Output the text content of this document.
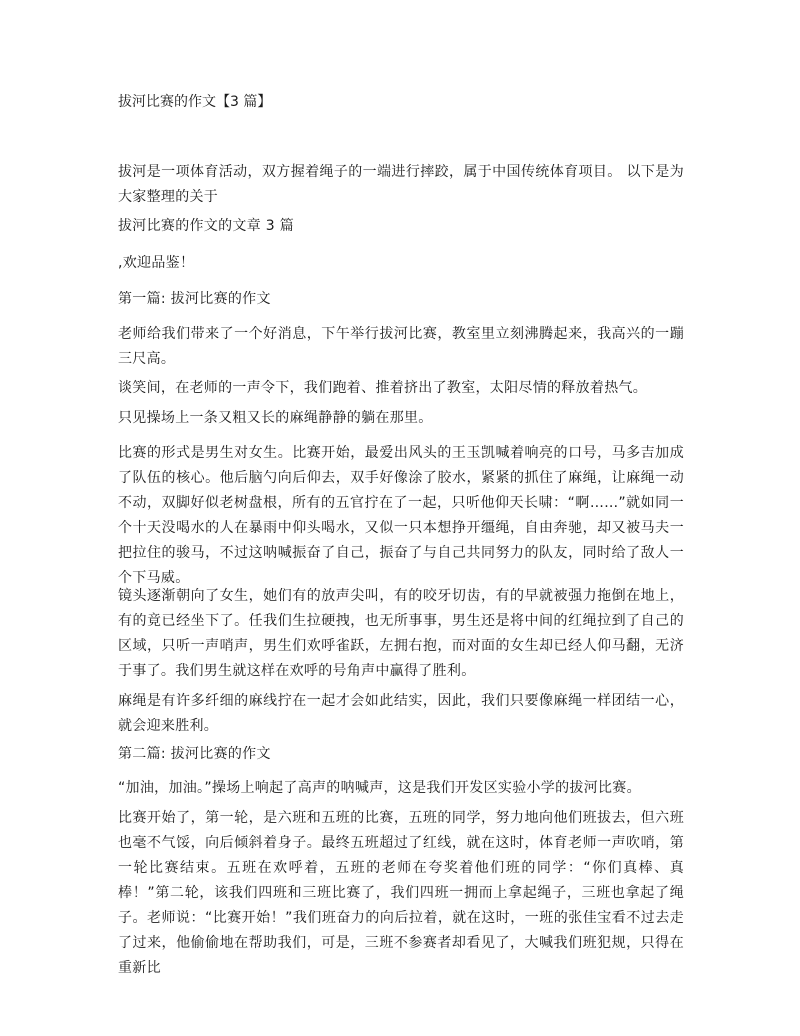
拔河比赛的作文【3 篇】

拔河是一项体育活动，双方握着绳子的一端进行摔跤，属于中国传统体育项目。 以下是为大家整理的关于

拔河比赛的作文的文章 3 篇

,欢迎品鉴！

第一篇: 拔河比赛的作文

老师给我们带来了一个好消息，下午举行拔河比赛，教室里立刻沸腾起来，我高兴的一蹦三尺高。

谈笑间，在老师的一声令下，我们跑着、推着挤出了教室，太阳尽情的释放着热气。

只见操场上一条又粗又长的麻绳静静的躺在那里。

比赛的形式是男生对女生。比赛开始，最爱出风头的王玉凯喊着响亮的口号，马多吉加成了队伍的核心。他后脑勺向后仰去，双手好像涂了胶水，紧紧的抓住了麻绳，让麻绳一动不动，双脚好似老树盘根，所有的五官拧在了一起，只听他仰天长啸：“啊……”就如同一个十天没喝水的人在暴雨中仰头喝水，又似一只本想挣开缰绳，自由奔驰，却又被马夫一把拉住的骏马，不过这呐喊振奋了自己，振奋了与自己共同努力的队友，同时给了敌人一个下马威。

镜头逐渐朝向了女生，她们有的放声尖叫，有的咬牙切齿，有的早就被强力拖倒在地上，有的竟已经坐下了。任我们生拉硬拽，也无所事事，男生还是将中间的红绳拉到了自己的区域，只听一声哨声，男生们欢呼雀跃，左拥右抱，而对面的女生却已经人仰马翻，无济于事了。我们男生就这样在欢呼的号角声中赢得了胜利。

麻绳是有许多纤细的麻线拧在一起才会如此结实，因此，我们只要像麻绳一样团结一心，就会迎来胜利。

第二篇: 拔河比赛的作文

“加油，加油。”操场上响起了高声的呐喊声，这是我们开发区实验小学的拔河比赛。

比赛开始了，第一轮，是六班和五班的比赛，五班的同学，努力地向他们班拔去，但六班也毫不气馁，向后倾斜着身子。最终五班超过了红线，就在这时，体育老师一声吹哨，第一轮比赛结束。五班在欢呼着，五班的老师在夸奖着他们班的同学：“你们真棒、真棒！”第二轮，该我们四班和三班比赛了，我们四班一拥而上拿起绳子，三班也拿起了绳子。老师说：“比赛开始！”我们班奋力的向后拉着，就在这时，一班的张佳宝看不过去走了过来，他偷偷地在帮助我们，可是，三班不参赛者却看见了，大喊我们班犯规，只得在重新比
